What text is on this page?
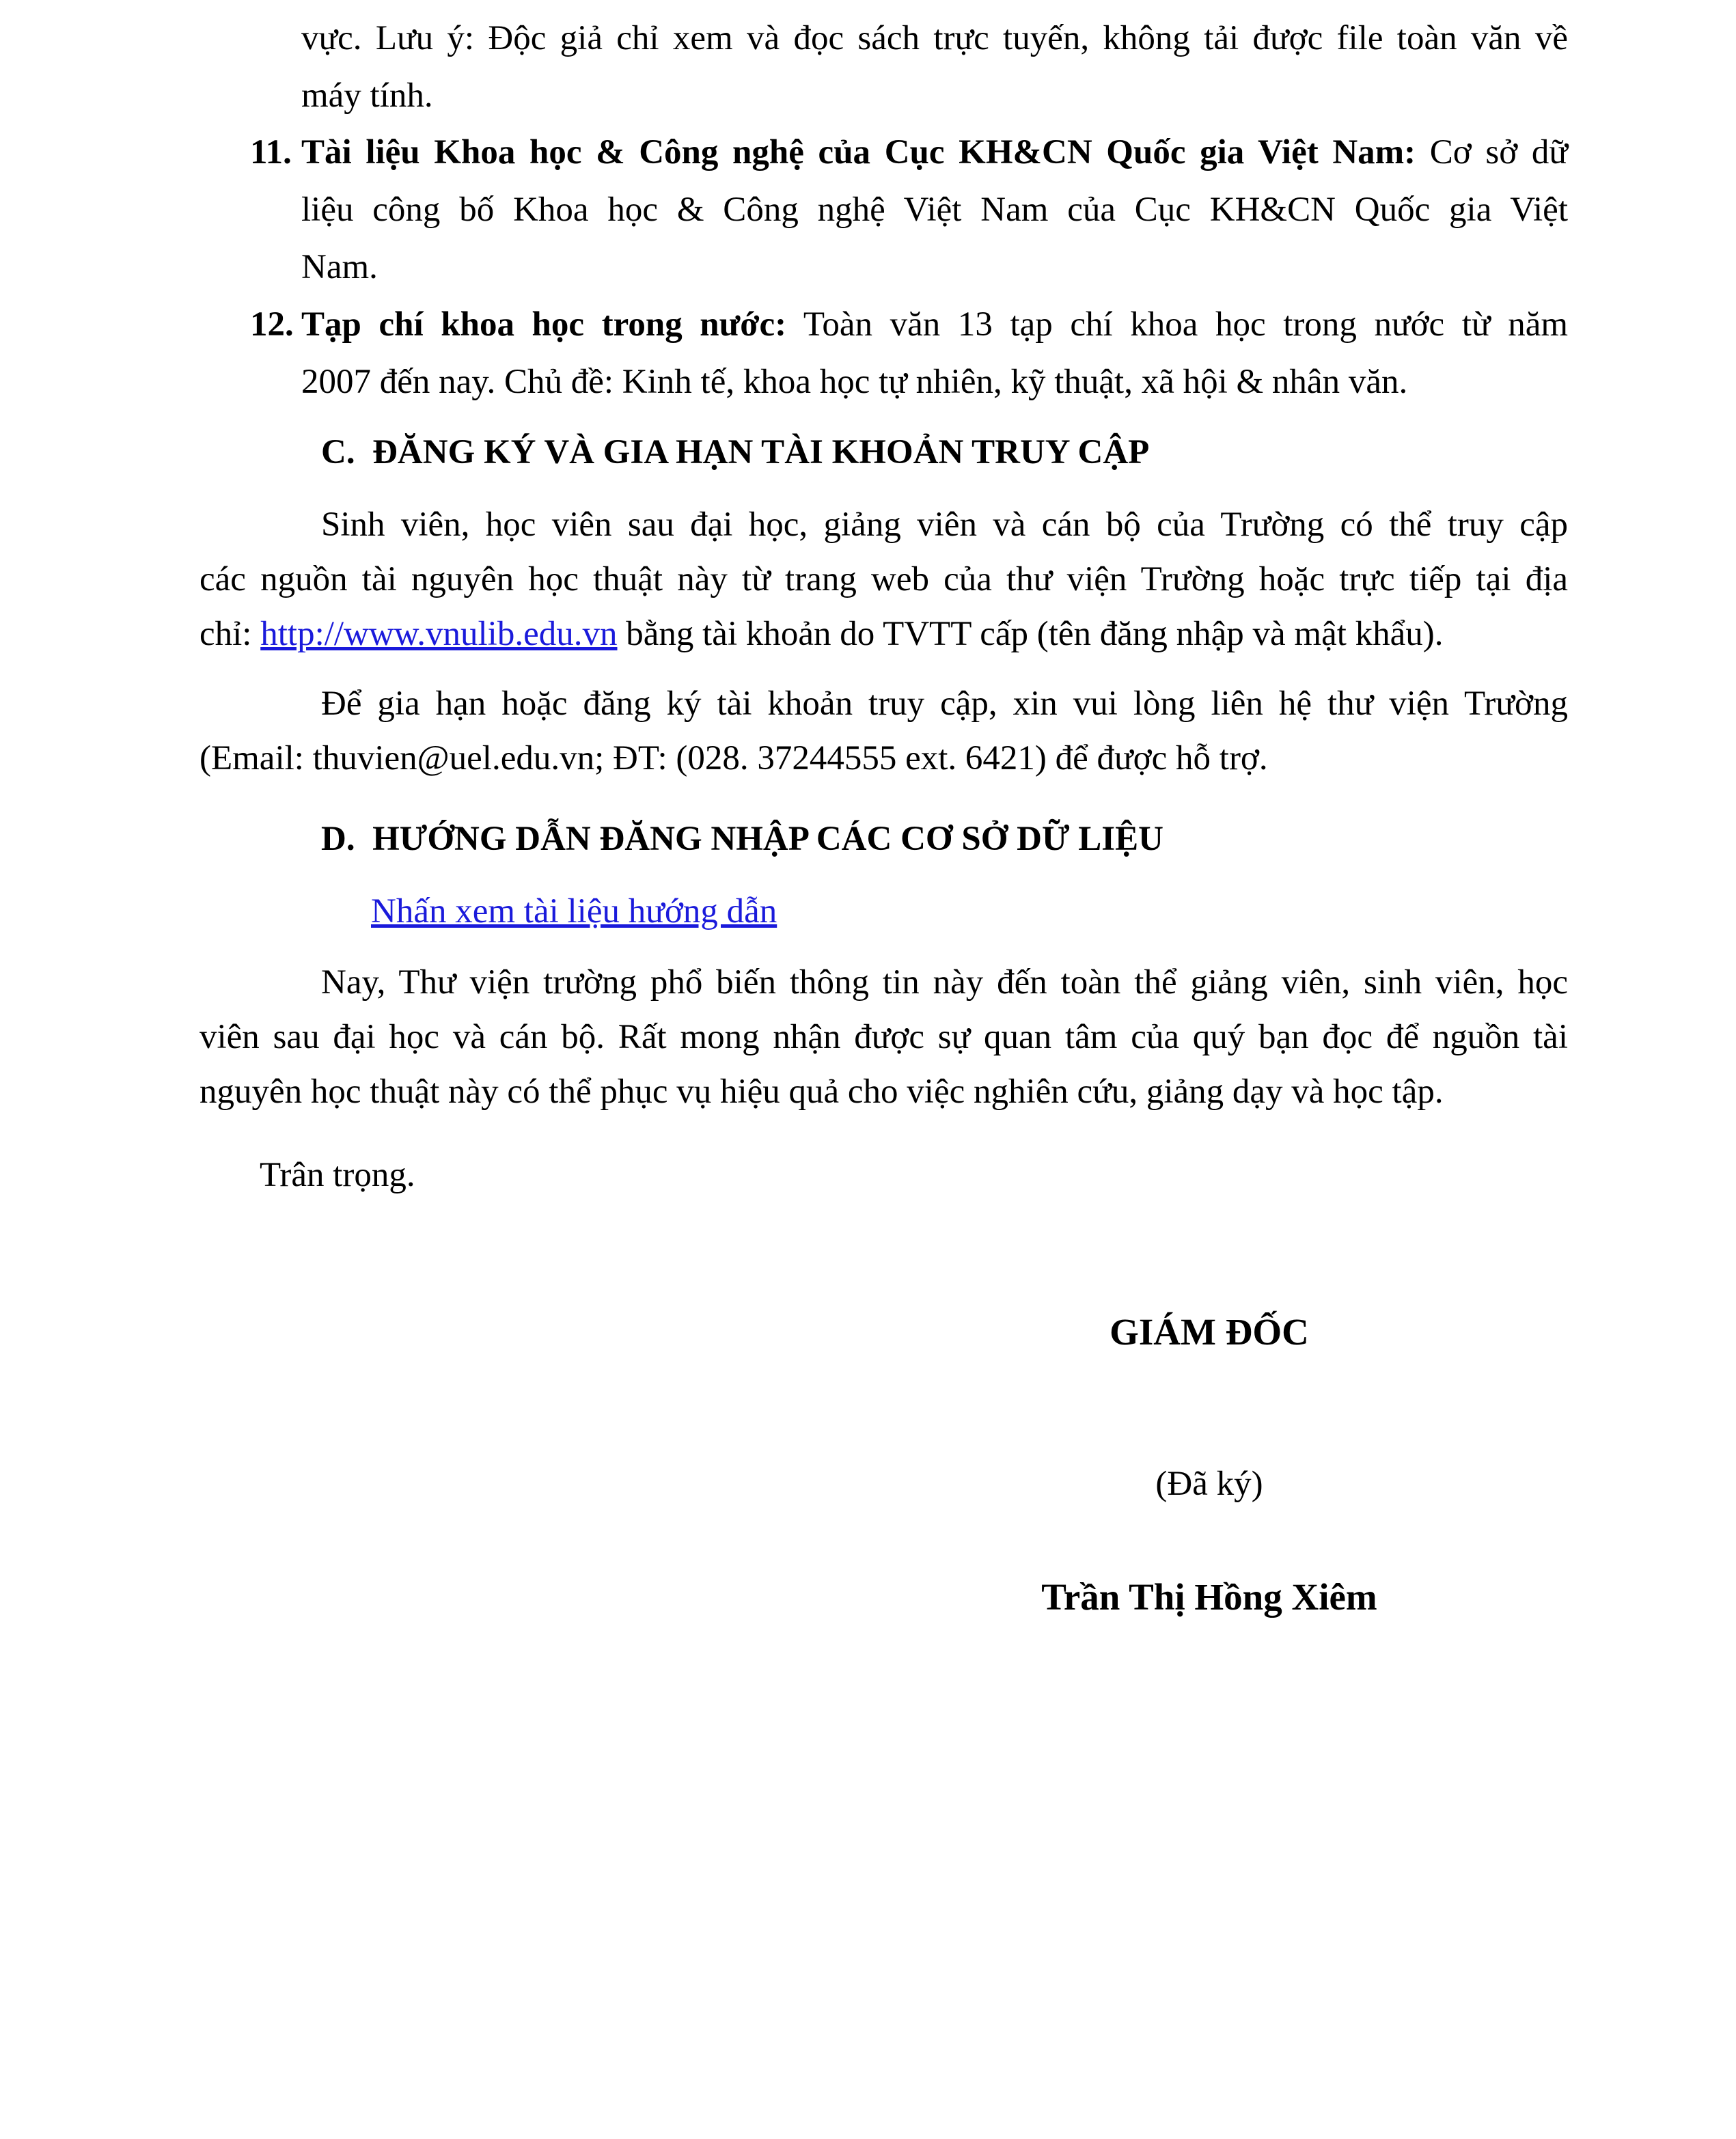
vực. Lưu ý: Độc giả chỉ xem và đọc sách trực tuyến, không tải được file toàn văn về
máy tính.
11. Tài liệu Khoa học & Công nghệ của Cục KH&CN Quốc gia Việt Nam: Cơ sở dữ
liệu công bố Khoa học & Công nghệ Việt Nam của Cục KH&CN Quốc gia Việt
Nam.
12. Tạp chí khoa học trong nước: Toàn văn 13 tạp chí khoa học trong nước từ năm
2007 đến nay. Chủ đề: Kinh tế, khoa học tự nhiên, kỹ thuật, xã hội & nhân văn.
C.  ĐĂNG KÝ VÀ GIA HẠN TÀI KHOẢN TRUY CẬP
Sinh viên, học viên sau đại học, giảng viên và cán bộ của Trường có thể truy cập
các nguồn tài nguyên học thuật này từ trang web của thư viện Trường hoặc trực tiếp tại địa
chỉ: http://www.vnulib.edu.vn bằng tài khoản do TVTT cấp (tên đăng nhập và mật khẩu).
Để gia hạn hoặc đăng ký tài khoản truy cập, xin vui lòng liên hệ thư viện Trường
(Email: thuvien@uel.edu.vn; ĐT: (028. 37244555 ext. 6421) để được hỗ trợ.
D.  HƯỚNG DẪN ĐĂNG NHẬP CÁC CƠ SỞ DỮ LIỆU
Nhấn xem tài liệu hướng dẫn
Nay, Thư viện trường phổ biến thông tin này đến toàn thể giảng viên, sinh viên, học
viên sau đại học và cán bộ. Rất mong nhận được sự quan tâm của quý bạn đọc để nguồn tài
nguyên học thuật này có thể phục vụ hiệu quả cho việc nghiên cứu, giảng dạy và học tập.
Trân trọng.
GIÁM ĐỐC
(Đã ký)
Trần Thị Hồng Xiêm
